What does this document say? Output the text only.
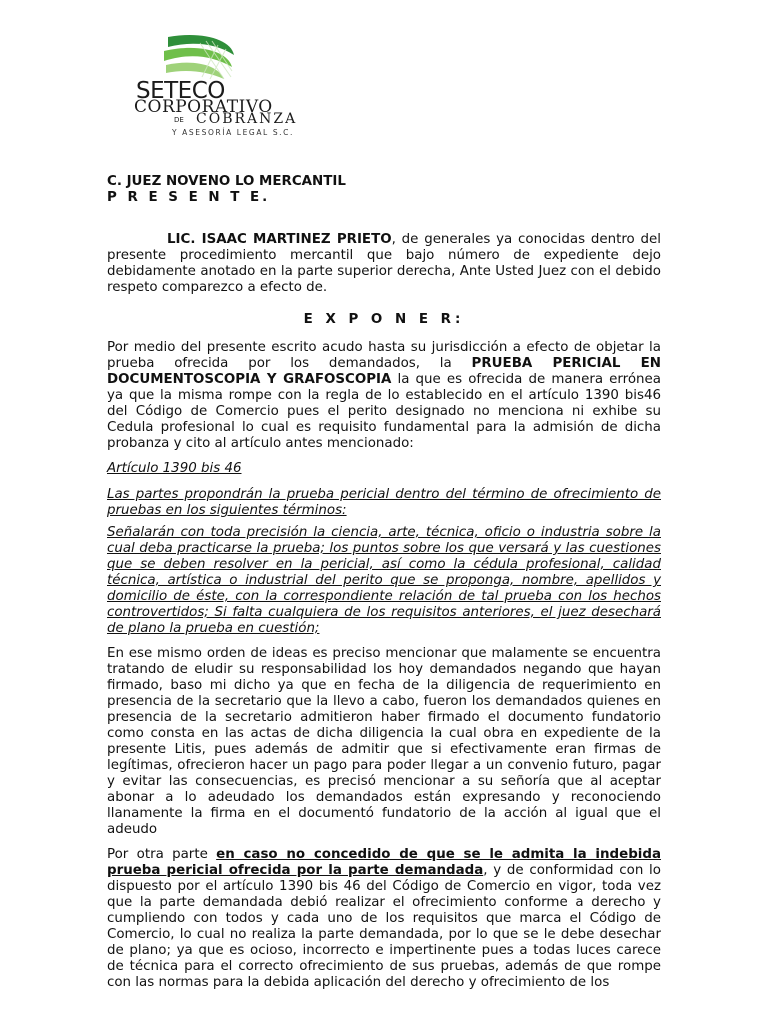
SETECO
CORPORATIVO
DE COBRANZA
Y ASESORÍA LEGAL S.C.
C. JUEZ NOVENO LO MERCANTIL
P R E S E N T E.

LIC. ISAAC MARTINEZ PRIETO, de generales ya conocidas dentro del presente procedimiento mercantil que bajo número de expediente dejo debidamente anotado en la parte superior derecha, Ante Usted Juez con el debido respeto comparezco a efecto de.

E X P O N E R:

Por medio del presente escrito acudo hasta su jurisdicción a efecto de objetar la prueba ofrecida por los demandados, la PRUEBA PERICIAL EN DOCUMENTOSCOPIA Y GRAFOSCOPIA la que es ofrecida de manera errónea ya que la misma rompe con la regla de lo establecido en el artículo 1390 bis46 del Código de Comercio pues el perito designado no menciona ni exhibe su Cedula profesional lo cual es requisito fundamental para la admisión de dicha probanza y cito al artículo antes mencionado:

Artículo 1390 bis 46

Las partes propondrán la prueba pericial dentro del término de ofrecimiento de pruebas en los siguientes términos:

Señalarán con toda precisión la ciencia, arte, técnica, oficio o industria sobre la cual deba practicarse la prueba; los puntos sobre los que versará y las cuestiones que se deben resolver en la pericial, así como la cédula profesional, calidad técnica, artística o industrial del perito que se proponga, nombre, apellidos y domicilio de éste, con la correspondiente relación de tal prueba con los hechos controvertidos; Si falta cualquiera de los requisitos anteriores, el juez desechará de plano la prueba en cuestión;

En ese mismo orden de ideas es preciso mencionar que malamente se encuentra tratando de eludir su responsabilidad los hoy demandados negando que hayan firmado, baso mi dicho ya que en fecha de la diligencia de requerimiento en presencia de la secretario que la llevo a cabo, fueron los demandados quienes en presencia de la secretario admitieron haber firmado el documento fundatorio como consta en las actas de dicha diligencia la cual obra en expediente de la presente Litis, pues además de admitir que si efectivamente eran firmas de legítimas, ofrecieron hacer un pago para poder llegar a un convenio futuro, pagar y evitar las consecuencias, es precisó mencionar a su señoría que al aceptar abonar a lo adeudado los demandados están expresando y reconociendo llanamente la firma en el documentó fundatorio de la acción al igual que el adeudo

Por otra parte en caso no concedido de que se le admita la indebida prueba pericial ofrecida por la parte demandada, y de conformidad con lo dispuesto por el artículo 1390 bis 46 del Código de Comercio en vigor, toda vez que la parte demandada debió realizar el ofrecimiento conforme a derecho y cumpliendo con todos y cada uno de los requisitos que marca el Código de Comercio, lo cual no realiza la parte demandada, por lo que se le debe desechar de plano; ya que es ocioso, incorrecto e impertinente pues a todas luces carece de técnica para el correcto ofrecimiento de sus pruebas, además de que rompe con las normas para la debida aplicación del derecho y ofrecimiento de los
